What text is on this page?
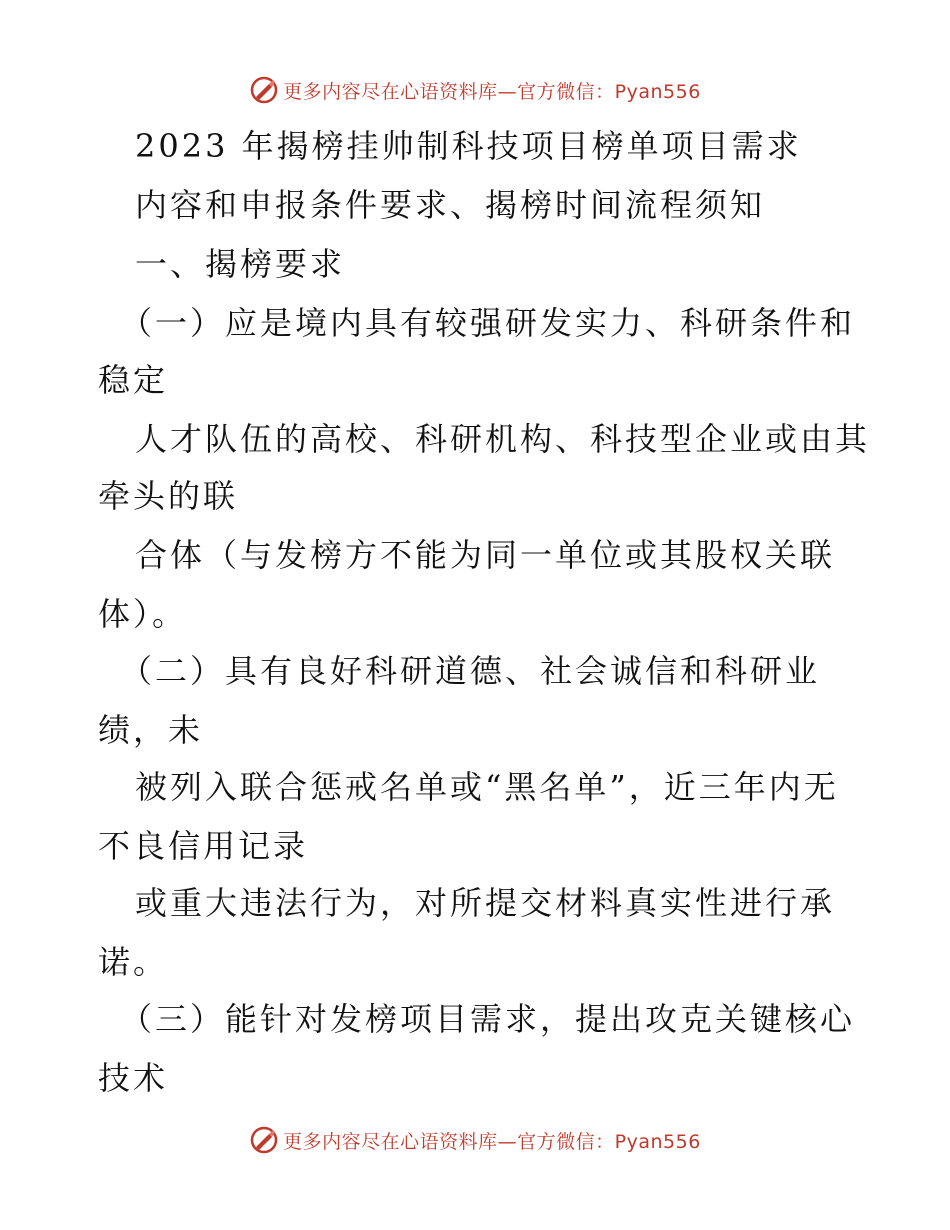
更多内容尽在心语资料库—官方微信：Pyan556
2023 年揭榜挂帅制科技项目榜单项目需求
内容和申报条件要求、揭榜时间流程须知
一、揭榜要求
（一）应是境内具有较强研发实力、科研条件和
稳定
人才队伍的高校、科研机构、科技型企业或由其
牵头的联
合体（与发榜方不能为同一单位或其股权关联
体）。
（二）具有良好科研道德、社会诚信和科研业
绩，未
被列入联合惩戒名单或“黑名单”，近三年内无
不良信用记录
或重大违法行为，对所提交材料真实性进行承
诺。
（三）能针对发榜项目需求，提出攻克关键核心
技术
更多内容尽在心语资料库—官方微信：Pyan556
